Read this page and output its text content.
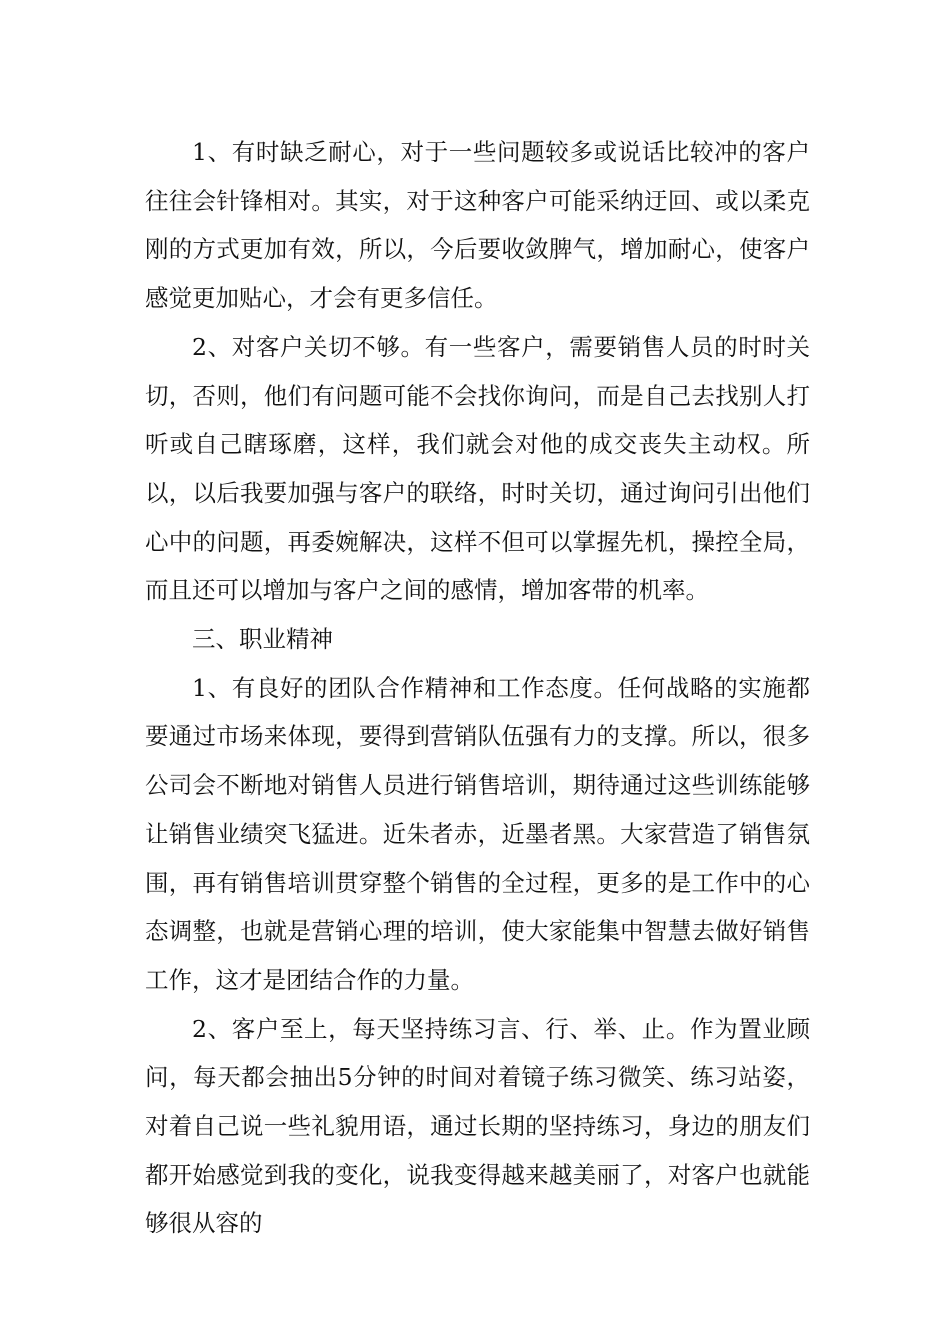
1、有时缺乏耐心，对于一些问题较多或说话比较冲的客户往往会针锋相对。其实，对于这种客户可能采纳迂回、或以柔克刚的方式更加有效，所以，今后要收敛脾气，增加耐心，使客户感觉更加贴心，才会有更多信任。

2、对客户关切不够。有一些客户，需要销售人员的时时关切，否则，他们有问题可能不会找你询问，而是自己去找别人打听或自己瞎琢磨，这样，我们就会对他的成交丧失主动权。所以，以后我要加强与客户的联络，时时关切，通过询问引出他们心中的问题，再委婉解决，这样不但可以掌握先机，操控全局，而且还可以增加与客户之间的感情，增加客带的机率。

三、职业精神

1、有良好的团队合作精神和工作态度。任何战略的实施都要通过市场来体现，要得到营销队伍强有力的支撑。所以，很多公司会不断地对销售人员进行销售培训，期待通过这些训练能够让销售业绩突飞猛进。近朱者赤，近墨者黑。大家营造了销售氛围，再有销售培训贯穿整个销售的全过程，更多的是工作中的心态调整，也就是营销心理的培训，使大家能集中智慧去做好销售工作，这才是团结合作的力量。

2、客户至上，每天坚持练习言、行、举、止。作为置业顾问，每天都会抽出5分钟的时间对着镜子练习微笑、练习站姿，对着自己说一些礼貌用语，通过长期的坚持练习，身边的朋友们都开始感觉到我的变化，说我变得越来越美丽了，对客户也就能够很从容的
